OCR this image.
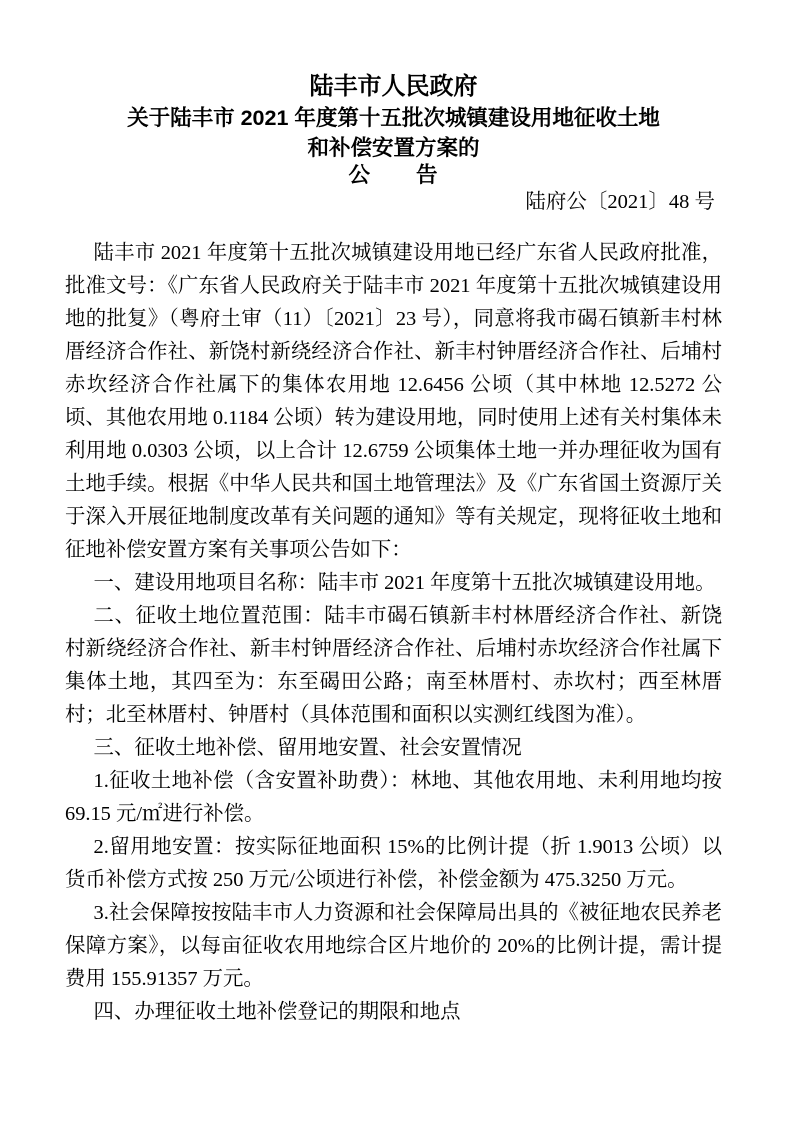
陆丰市人民政府
关于陆丰市 2021 年度第十五批次城镇建设用地征收土地
和补偿安置方案的
公　　告
陆府公〔2021〕48 号

陆丰市 2021 年度第十五批次城镇建设用地已经广东省人民政府批准，批准文号：《广东省人民政府关于陆丰市 2021 年度第十五批次城镇建设用地的批复》（粤府土审（11）〔2021〕23 号），同意将我市碣石镇新丰村林厝经济合作社、新饶村新绕经济合作社、新丰村钟厝经济合作社、后埔村赤坎经济合作社属下的集体农用地 12.6456 公顷（其中林地 12.5272 公顷、其他农用地 0.1184 公顷）转为建设用地，同时使用上述有关村集体未利用地 0.0303 公顷，以上合计 12.6759 公顷集体土地一并办理征收为国有土地手续。根据《中华人民共和国土地管理法》及《广东省国土资源厅关于深入开展征地制度改革有关问题的通知》等有关规定，现将征收土地和征地补偿安置方案有关事项公告如下：

一、建设用地项目名称：陆丰市 2021 年度第十五批次城镇建设用地。

二、征收土地位置范围：陆丰市碣石镇新丰村林厝经济合作社、新饶村新绕经济合作社、新丰村钟厝经济合作社、后埔村赤坎经济合作社属下集体土地，其四至为：东至碣田公路；南至林厝村、赤坎村；西至林厝村；北至林厝村、钟厝村（具体范围和面积以实测红线图为准）。

三、征收土地补偿、留用地安置、社会安置情况

1.征收土地补偿（含安置补助费）：林地、其他农用地、未利用地均按 69.15 元/㎡进行补偿。

2.留用地安置：按实际征地面积 15%的比例计提（折 1.9013 公顷）以货币补偿方式按 250 万元/公顷进行补偿，补偿金额为 475.3250 万元。

3.社会保障按按陆丰市人力资源和社会保障局出具的《被征地农民养老保障方案》，以每亩征收农用地综合区片地价的 20%的比例计提，需计提费用 155.91357 万元。

四、办理征收土地补偿登记的期限和地点
